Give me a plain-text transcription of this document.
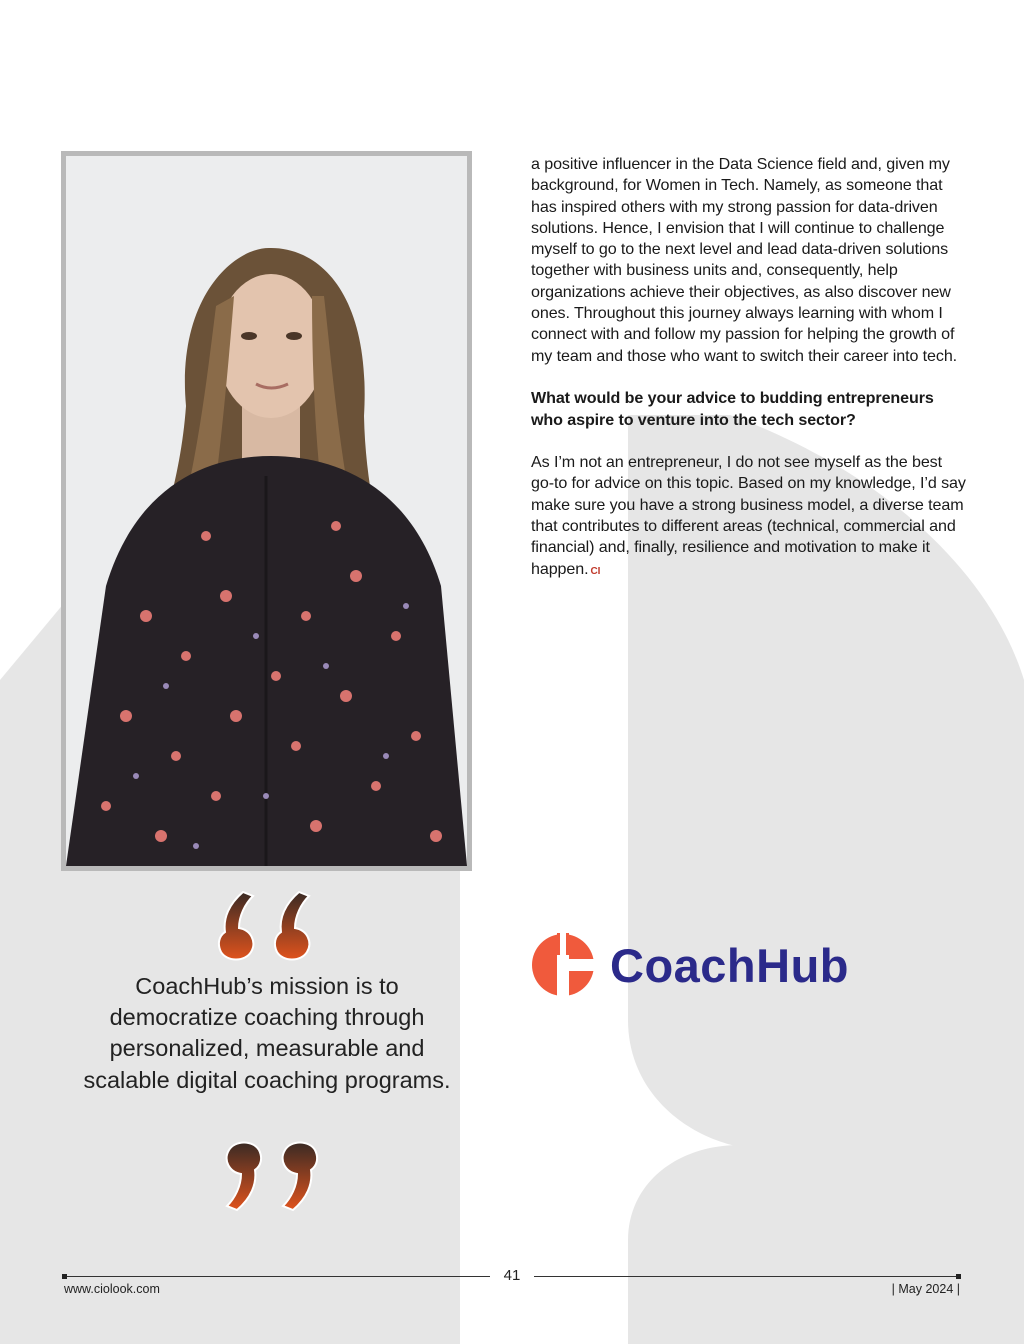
a positive influencer in the Data Science field and, given my background, for Women in Tech. Namely, as someone that has inspired others with my strong passion for data-driven solutions. Hence, I envision that I will continue to challenge myself to go to the next level and lead data-driven solutions together with business units and, consequently, help organizations achieve their objectives, as also discover new ones. Throughout this journey always learning with whom I connect with and follow my passion for helping the growth of my team and those who want to switch their career into tech.

What would be your advice to budding entrepreneurs who aspire to venture into the tech sector?

As I’m not an entrepreneur, I do not see myself as the best go-to for advice on this topic. Based on my knowledge, I’d say make sure you have a strong business model, a diverse team that contributes to different areas (technical, commercial and financial) and, finally, resilience and motivation to make it happen. CI

CoachHub’s mission is to democratize coaching through personalized, measurable and scalable digital coaching programs.
CoachHub
41
www.ciolook.com	| May 2024 |
